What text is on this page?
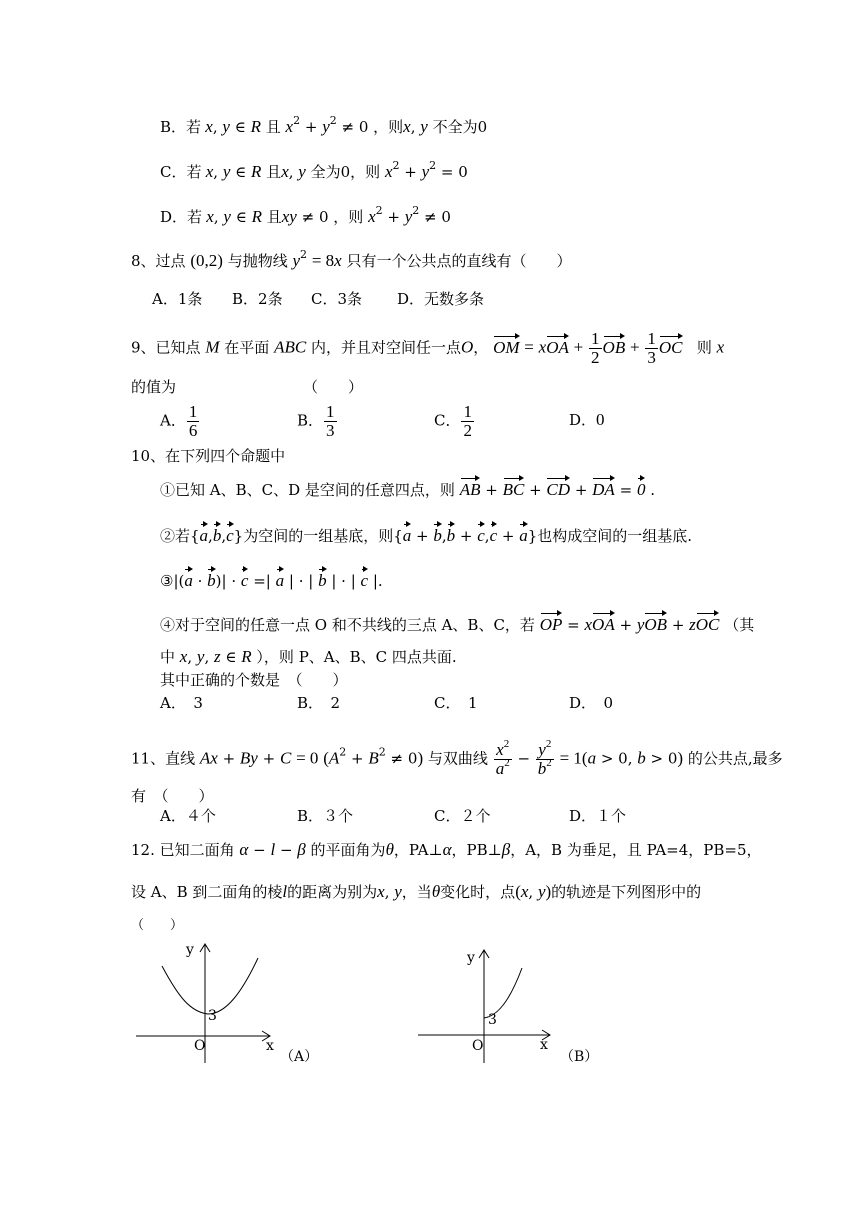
B．若 x, y ∈ R 且 $x^2 + y^2 \ne 0$ ，则x, y 不全为0
C．若 x, y ∈ R 且x, y 全为0，则 $x^2 + y^2 = 0$
D．若 x, y ∈ R 且xy ≠ 0 ，则 $x^2 + y^2 \ne 0$
8、过点 (0,2) 与抛物线 $y^2 = 8x$ 只有一个公共点的直线有（　　）
A．1条 B．2条 C．3条 D．无数多条
9、已知点 M 在平面 ABC 内，并且对空间任一点O， OM = xOA + $\frac{1}{2}$ OB + $\frac{1}{3}$ OC 则 x
的值为	（　　）
A． $\frac{1}{6}$	B． $\frac{1}{3}$	C． $\frac{1}{2}$	D．0
10、在下列四个命题中
①已知 A、B、C、D 是空间的任意四点，则 AB + BC + CD + DA = 0 .
②若{a,b,c}为空间的一组基底，则{a + b,b + c,c + a}也构成空间的一组基底.
③|(a · b)| · c =| a | · | b | · | c |.
④对于空间的任意一点 O 和不共线的三点 A、B、C，若 OP = xOA + yOB + zOC （其
中 x, y, z ∈ R ），则 P、A、B、C 四点共面.
其中正确的个数是　（　　）
A．　3	B．　2	C．　1	D．　0
11、直线 Ax + By + C = 0 $(A^2 + B^2 \ne 0)$ 与双曲线 $\frac{x^2}{a^2} - \frac{y^2}{b^2} = 1(a > 0$, b > 0) 的公共点,最多
有　（　　）
A．４个	B．３个	C．２个	D．１个
12. 已知二面角 α − l − β 的平面角为θ，PA⊥α，PB⊥β，A，B 为垂足，且 PA=4，PB=5，
设 A、B 到二面角的棱l的距离为别为x, y，当θ变化时，点(x, y)的轨迹是下列图形中的
（　　）
y
3
O	x
（A）
y
3
O	x
（B）
